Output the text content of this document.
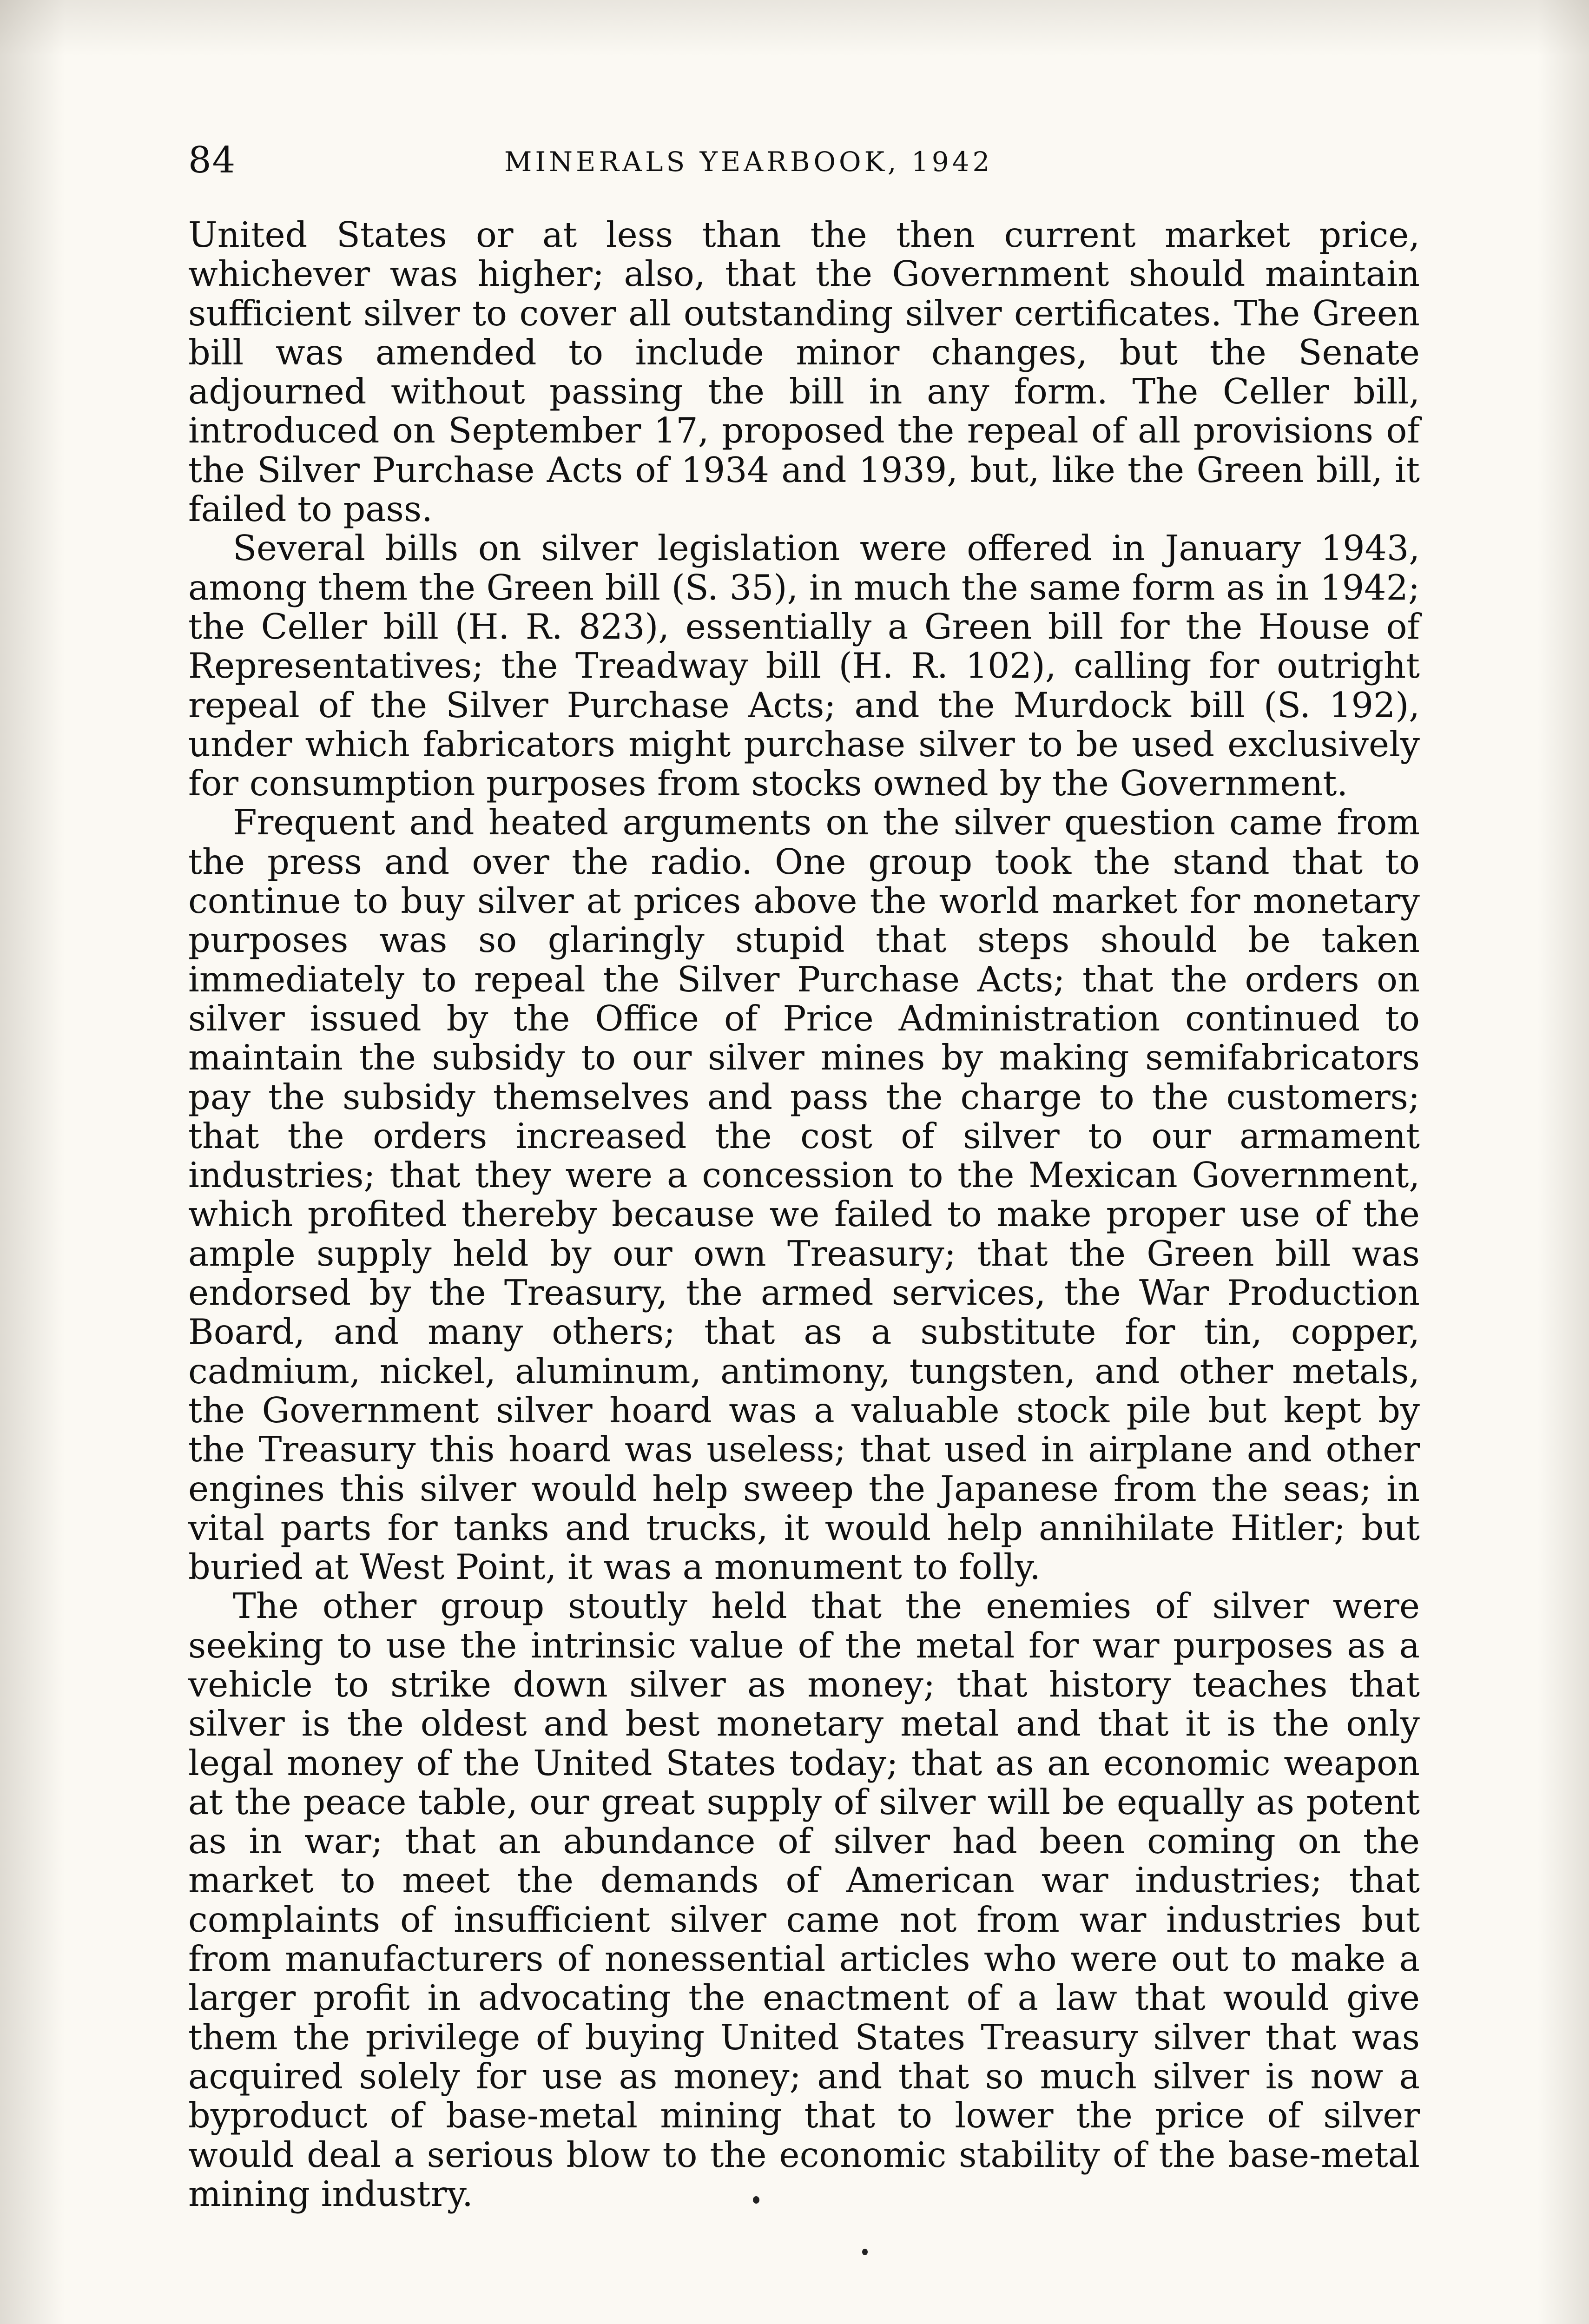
84	MINERALS YEARBOOK, 1942

United States or at less than the then current market price, whichever was higher; also, that the Government should maintain sufficient silver to cover all outstanding silver certificates. The Green bill was amended to include minor changes, but the Senate adjourned without passing the bill in any form. The Celler bill, introduced on September 17, proposed the repeal of all provisions of the Silver Purchase Acts of 1934 and 1939, but, like the Green bill, it failed to pass.

Several bills on silver legislation were offered in January 1943, among them the Green bill (S. 35), in much the same form as in 1942; the Celler bill (H. R. 823), essentially a Green bill for the House of Representatives; the Treadway bill (H. R. 102), calling for outright repeal of the Silver Purchase Acts; and the Murdock bill (S. 192), under which fabricators might purchase silver to be used exclusively for consumption purposes from stocks owned by the Government.

Frequent and heated arguments on the silver question came from the press and over the radio. One group took the stand that to continue to buy silver at prices above the world market for monetary purposes was so glaringly stupid that steps should be taken immediately to repeal the Silver Purchase Acts; that the orders on silver issued by the Office of Price Administration continued to maintain the subsidy to our silver mines by making semifabricators pay the subsidy themselves and pass the charge to the customers; that the orders increased the cost of silver to our armament industries; that they were a concession to the Mexican Government, which profited thereby because we failed to make proper use of the ample supply held by our own Treasury; that the Green bill was endorsed by the Treasury, the armed services, the War Production Board, and many others; that as a substitute for tin, copper, cadmium, nickel, aluminum, antimony, tungsten, and other metals, the Government silver hoard was a valuable stock pile but kept by the Treasury this hoard was useless; that used in airplane and other engines this silver would help sweep the Japanese from the seas; in vital parts for tanks and trucks, it would help annihilate Hitler; but buried at West Point, it was a monument to folly.

The other group stoutly held that the enemies of silver were seeking to use the intrinsic value of the metal for war purposes as a vehicle to strike down silver as money; that history teaches that silver is the oldest and best monetary metal and that it is the only legal money of the United States today; that as an economic weapon at the peace table, our great supply of silver will be equally as potent as in war; that an abundance of silver had been coming on the market to meet the demands of American war industries; that complaints of insufficient silver came not from war industries but from manufacturers of nonessential articles who were out to make a larger profit in advocating the enactment of a law that would give them the privilege of buying United States Treasury silver that was acquired solely for use as money; and that so much silver is now a byproduct of base-metal mining that to lower the price of silver would deal a serious blow to the economic stability of the base-metal mining industry.
